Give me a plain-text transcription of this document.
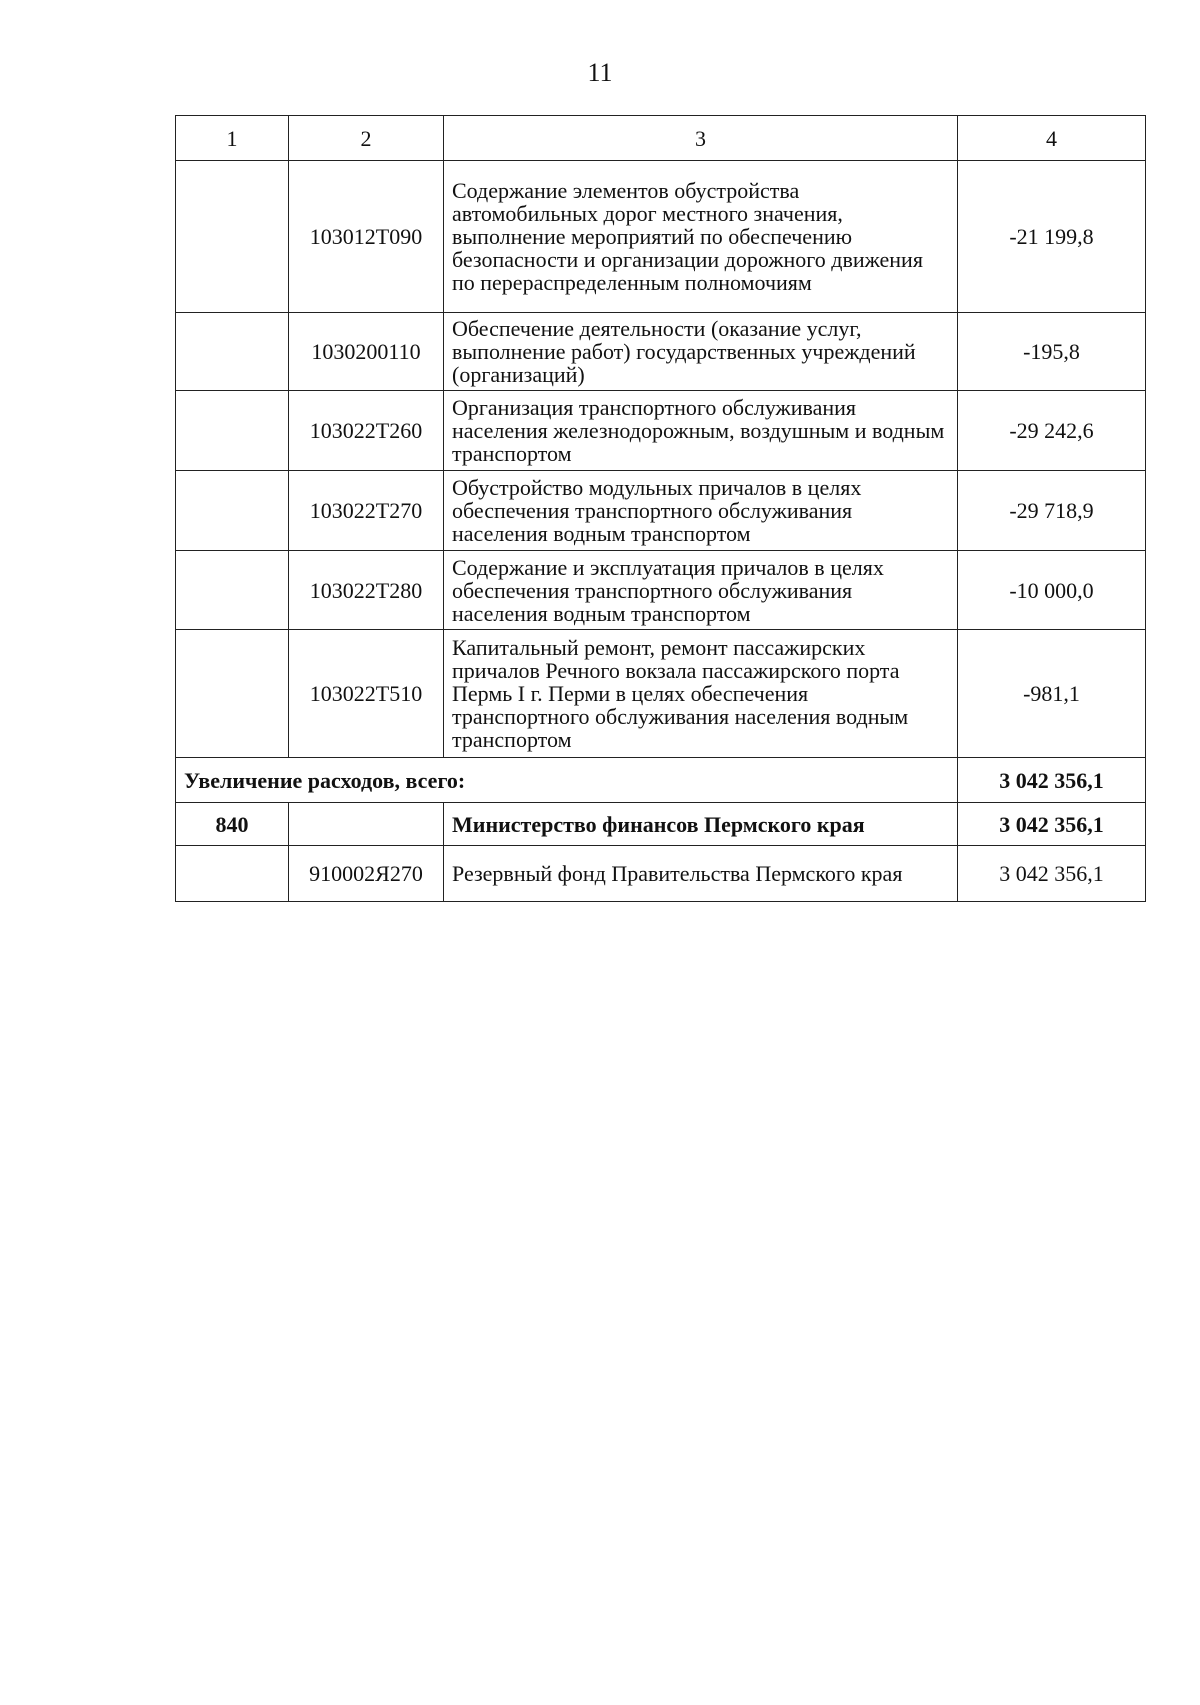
11
1	2	3	4
	103012Т090	Содержание элементов обустройства автомобильных дорог местного значения, выполнение мероприятий по обеспечению безопасности и организации дорожного движения по перераспределенным полномочиям	-21 199,8
	1030200110	Обеспечение деятельности (оказание услуг, выполнение работ) государственных учреждений (организаций)	-195,8
	103022Т260	Организация транспортного обслуживания населения железнодорожным, воздушным и водным транспортом	-29 242,6
	103022Т270	Обустройство модульных причалов в целях обеспечения транспортного обслуживания населения водным транспортом	-29 718,9
	103022Т280	Содержание и эксплуатация причалов в целях обеспечения транспортного обслуживания населения водным транспортом	-10 000,0
	103022Т510	Капитальный ремонт, ремонт пассажирских причалов Речного вокзала пассажирского порта Пермь I г. Перми в целях обеспечения транспортного обслуживания населения водным транспортом	-981,1
Увеличение расходов, всего:			3 042 356,1
840		Министерство финансов Пермского края	3 042 356,1
	910002Я270	Резервный фонд Правительства Пермского края	3 042 356,1
